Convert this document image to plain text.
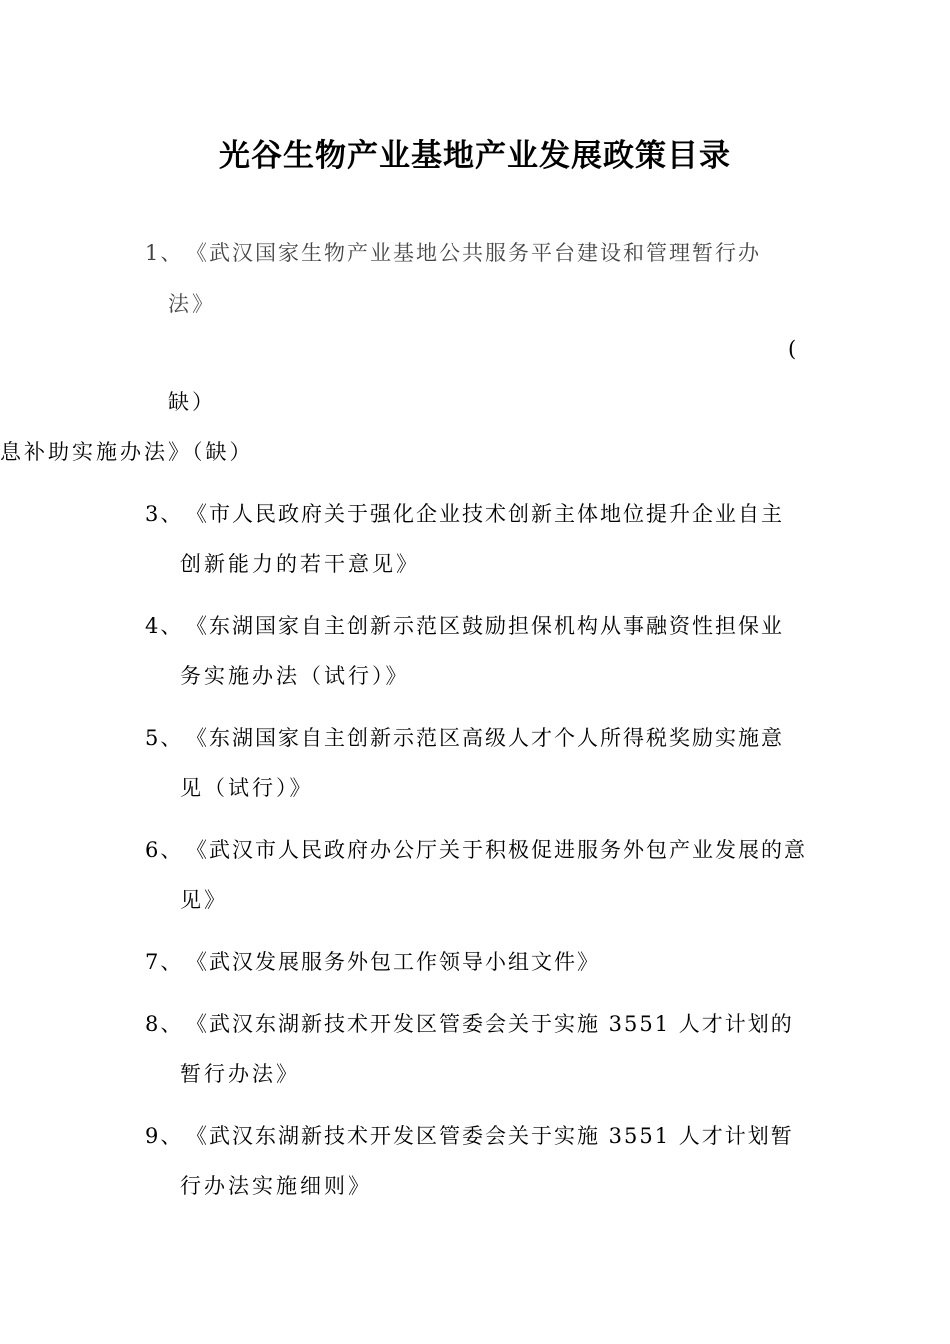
光谷生物产业基地产业发展政策目录
1、 《武汉国家生物产业基地公共服务平台建设和管理暂行办
法》
(
缺）
息补助实施办法》（缺）
3、 《市人民政府关于强化企业技术创新主体地位提升企业自主
创新能力的若干意见》
4、 《东湖国家自主创新示范区鼓励担保机构从事融资性担保业
务实施办法（试行）》
5、 《东湖国家自主创新示范区高级人才个人所得税奖励实施意
见（试行）》
6、 《武汉市人民政府办公厅关于积极促进服务外包产业发展的意
见》
7、 《武汉发展服务外包工作领导小组文件》
8、 《武汉东湖新技术开发区管委会关于实施 3551 人才计划的
暂行办法》
9、 《武汉东湖新技术开发区管委会关于实施 3551 人才计划暂
行办法实施细则》
